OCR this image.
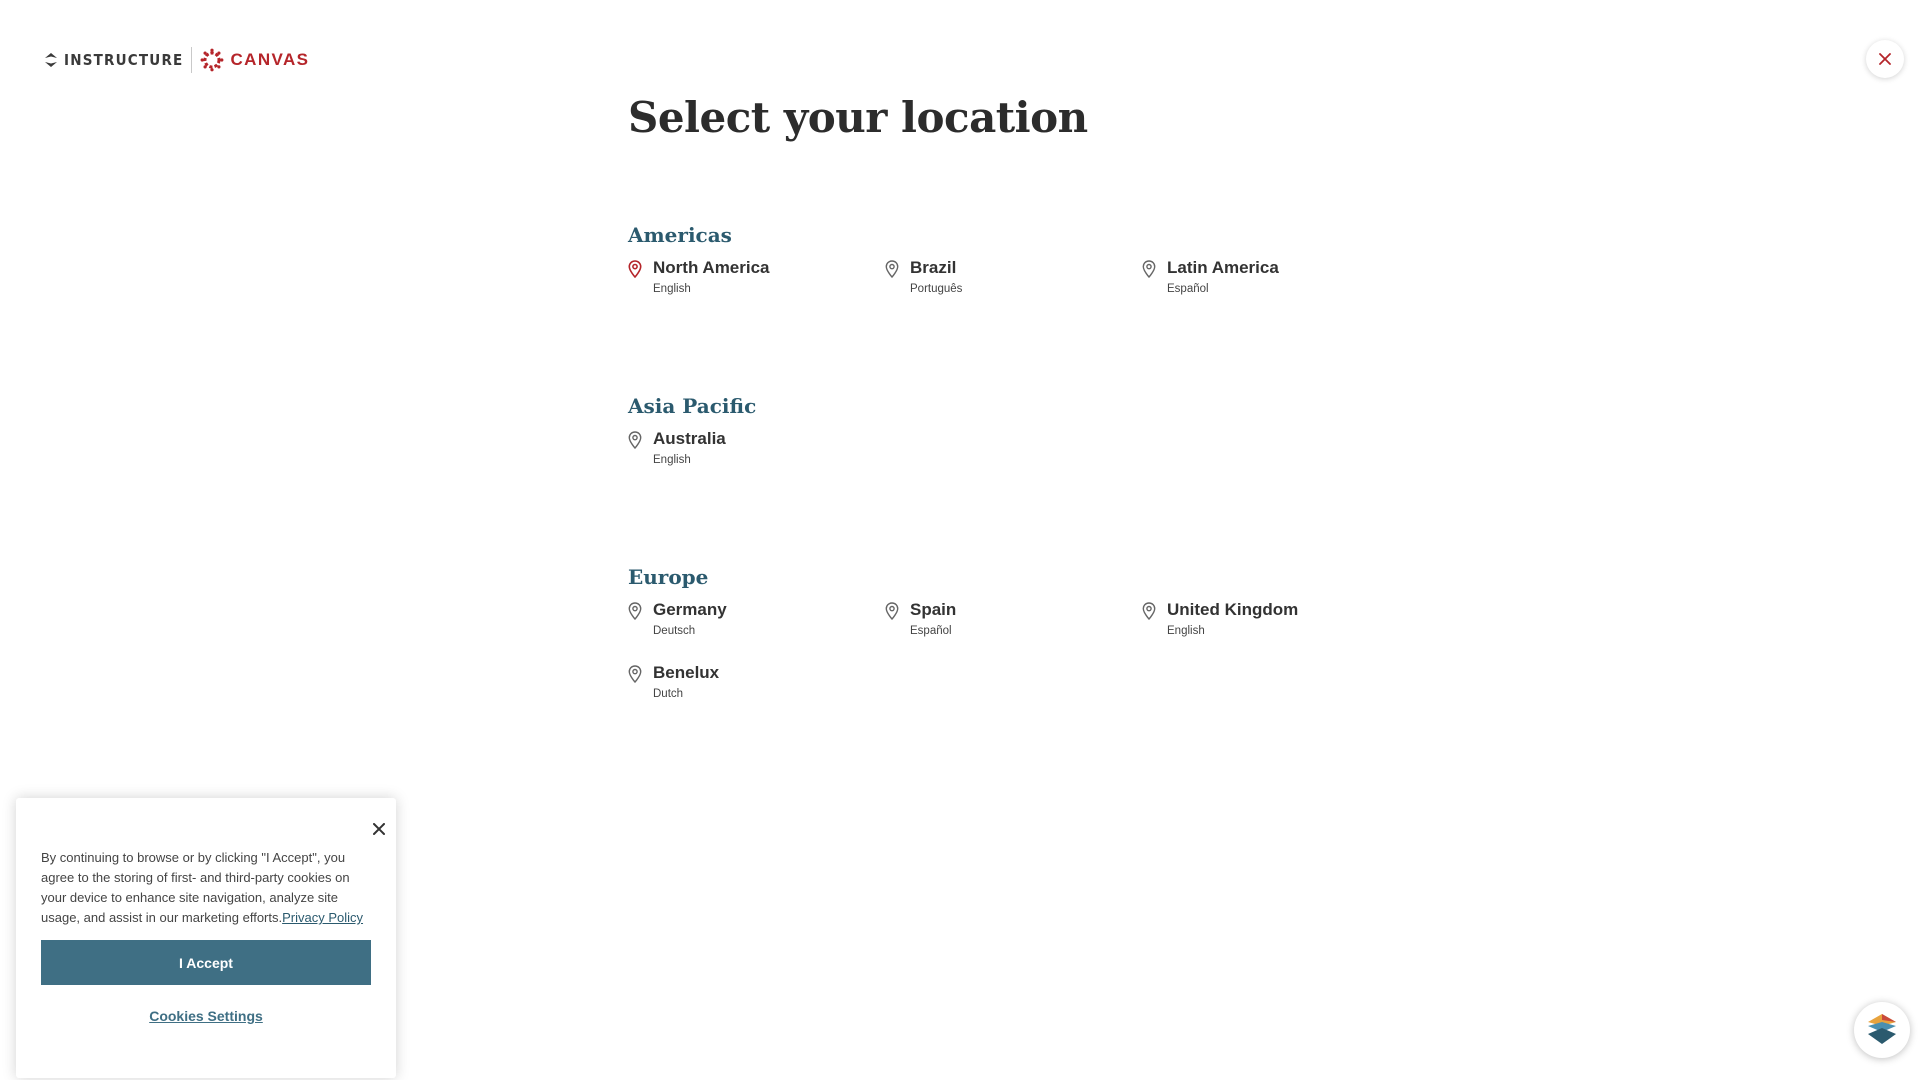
INSTRUCTURE	CANVAS
Select your location
Americas
North America
English
Brazil
Português
Latin America
Español
Asia Pacific
Australia
English
Europe
Germany
Deutsch
Spain
Español
United Kingdom
English
Benelux
Dutch

By continuing to browse or by clicking "I Accept", you agree to the storing of first- and third-party cookies on your device to enhance site navigation, analyze site usage, and assist in our marketing efforts.Privacy Policy

I Accept
Cookies Settings
